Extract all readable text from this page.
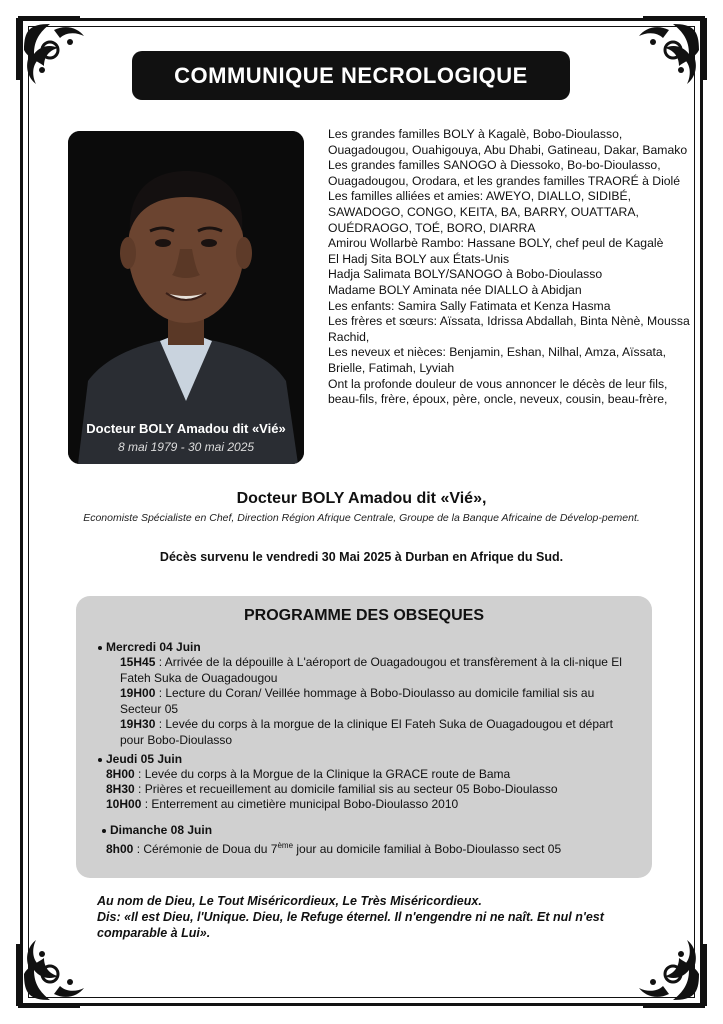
COMMUNIQUE NECROLOGIQUE
Docteur BOLY Amadou dit «Vié»
8 mai 1979 - 30 mai 2025
Les grandes familles BOLY à Kagalè, Bobo-Dioulasso, Ouagadougou, Ouahigouya, Abu Dhabi, Gatineau, Dakar, Bamako
Les grandes familles SANOGO à Diessoko, Bo-bo-Dioulasso, Ouagadougou, Orodara, et les grandes familles TRAORÉ à Diolé
Les familles alliées et amies: AWEYO, DIALLO, SIDIBÉ, SAWADOGO, CONGO, KEITA, BA, BARRY, OUATTARA, OUÉDRAOGO, TOÉ, BORO, DIARRA
Amirou Wollarbè Rambo: Hassane BOLY, chef peul de Kagalè
El Hadj Sita BOLY aux États-Unis
Hadja Salimata BOLY/SANOGO à Bobo-Dioulasso
Madame BOLY Aminata née DIALLO à Abidjan
Les enfants: Samira Sally Fatimata et Kenza Hasma
Les frères et sœurs: Aïssata, Idrissa Abdallah, Binta Nènè, Moussa Rachid,
Les neveux et nièces: Benjamin, Eshan, Nilhal, Amza, Aïssata, Brielle, Fatimah, Lyviah
Ont la profonde douleur de vous annoncer le décès de leur fils, beau-fils, frère, époux, père, oncle, neveux, cousin, beau-frère,
Docteur BOLY Amadou dit «Vié»,
Economiste Spécialiste en Chef, Direction Région Afrique Centrale, Groupe de la Banque Africaine de Dévelop-pement.
Décès survenu le vendredi 30 Mai 2025 à Durban en Afrique du Sud.
PROGRAMME DES OBSEQUES
Mercredi 04 Juin
15H45 : Arrivée de la dépouille à L'aéroport de Ouagadougou et transfèrement à la cli-nique El Fateh Suka de Ouagadougou
19H00 : Lecture du Coran/ Veillée hommage à Bobo-Dioulasso au domicile familial sis au Secteur 05
19H30 : Levée du corps à la morgue de la clinique El Fateh Suka de Ouagadougou et départ pour Bobo-Dioulasso
Jeudi 05 Juin
8H00 : Levée du corps à la Morgue de la Clinique la GRACE route de Bama
8H30 : Prières et recueillement au domicile familial sis au secteur 05 Bobo-Dioulasso
10H00 : Enterrement au cimetière municipal Bobo-Dioulasso 2010
Dimanche 08 Juin
8h00 : Cérémonie de Doua du 7ème jour au domicile familial à Bobo-Dioulasso sect 05
Au nom de Dieu, Le Tout Miséricordieux, Le Très Miséricordieux.
Dis: «Il est Dieu, l'Unique. Dieu, le Refuge éternel. Il n'engendre ni ne naît. Et nul n'est comparable à Lui».
